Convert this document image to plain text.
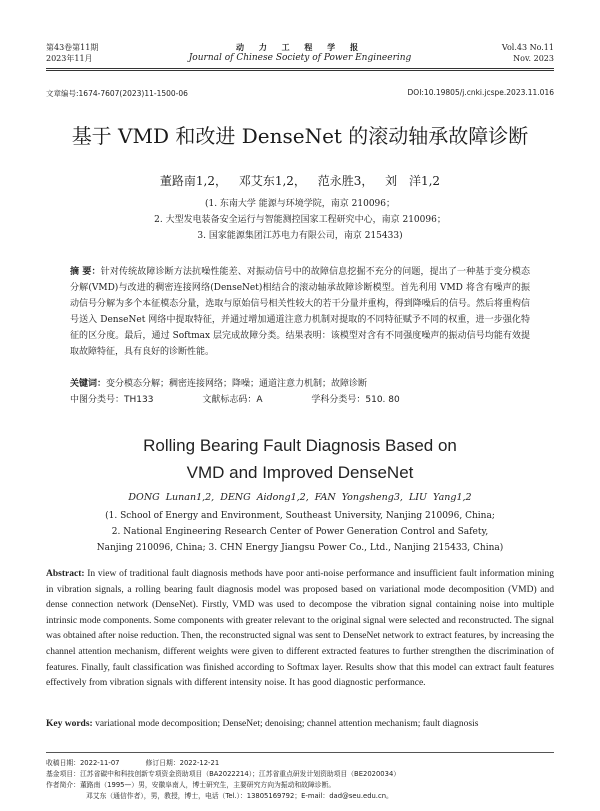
第43卷第11期
2023年11月
动 力 工 程 学 报
Journal of Chinese Society of Power Engineering
Vol.43 No.11
Nov. 2023
文章编号:1674-7607(2023)11-1500-06	DOI:10.19805/j.cnki.jcspe.2023.11.016
基于 VMD 和改进 DenseNet 的滚动轴承故障诊断
董路南1,2， 邓艾东1,2， 范永胜3， 刘 洋1,2
(1. 东南大学 能源与环境学院，南京 210096；
2. 大型发电装备安全运行与智能测控国家工程研究中心，南京 210096；
3. 国家能源集团江苏电力有限公司，南京 215433)
摘 要：针对传统故障诊断方法抗噪性能差、对振动信号中的故障信息挖掘不充分的问题，提出了一种基于变分模态分解(VMD)与改进的稠密连接网络(DenseNet)相结合的滚动轴承故障诊断模型。首先利用 VMD 将含有噪声的振动信号分解为多个本征模态分量，选取与原始信号相关性较大的若干分量并重构，得到降噪后的信号。然后将重构信号送入 DenseNet 网络中提取特征，并通过增加通道注意力机制对提取的不同特征赋予不同的权重，进一步强化特征的区分度。最后，通过 Softmax 层完成故障分类。结果表明：该模型对含有不同强度噪声的振动信号均能有效提取故障特征，具有良好的诊断性能。
关键词：变分模态分解；稠密连接网络；降噪；通道注意力机制；故障诊断
中图分类号：TH133	文献标志码：A	学科分类号：510. 80
Rolling Bearing Fault Diagnosis Based on
VMD and Improved DenseNet
DONG Lunan1,2, DENG Aidong1,2, FAN Yongsheng3, LIU Yang1,2
(1. School of Energy and Environment, Southeast University, Nanjing 210096, China;
2. National Engineering Research Center of Power Generation Control and Safety,
Nanjing 210096, China; 3. CHN Energy Jiangsu Power Co., Ltd., Nanjing 215433, China)
Abstract: In view of traditional fault diagnosis methods have poor anti-noise performance and insufficient fault information mining in vibration signals, a rolling bearing fault diagnosis model was proposed based on variational mode decomposition (VMD) and dense connection network (DenseNet). Firstly, VMD was used to decompose the vibration signal containing noise into multiple intrinsic mode components. Some components with greater relevant to the original signal were selected and reconstructed. The signal was obtained after noise reduction. Then, the reconstructed signal was sent to DenseNet network to extract features, by increasing the channel attention mechanism, different weights were given to different extracted features to further strengthen the discrimination of features. Finally, fault classification was finished according to Softmax layer. Results show that this model can extract fault features effectively from vibration signals with different intensity noise. It has good diagnostic performance.
Key words: variational mode decomposition; DenseNet; denoising; channel attention mechanism; fault diagnosis
收稿日期：2022-11-07	修订日期：2022-12-21
基金项目：江苏省碳中和科技创新专项资金资助项目（BA2022214）；江苏省重点研发计划资助项目（BE2020034）
作者简介：董路南（1995—）男，安徽阜南人，博士研究生，主要研究方向为振动和故障诊断。
邓艾东（通信作者），男，教授，博士，电话（Tel.）：13805169792；E-mail：dad@seu.edu.cn。
